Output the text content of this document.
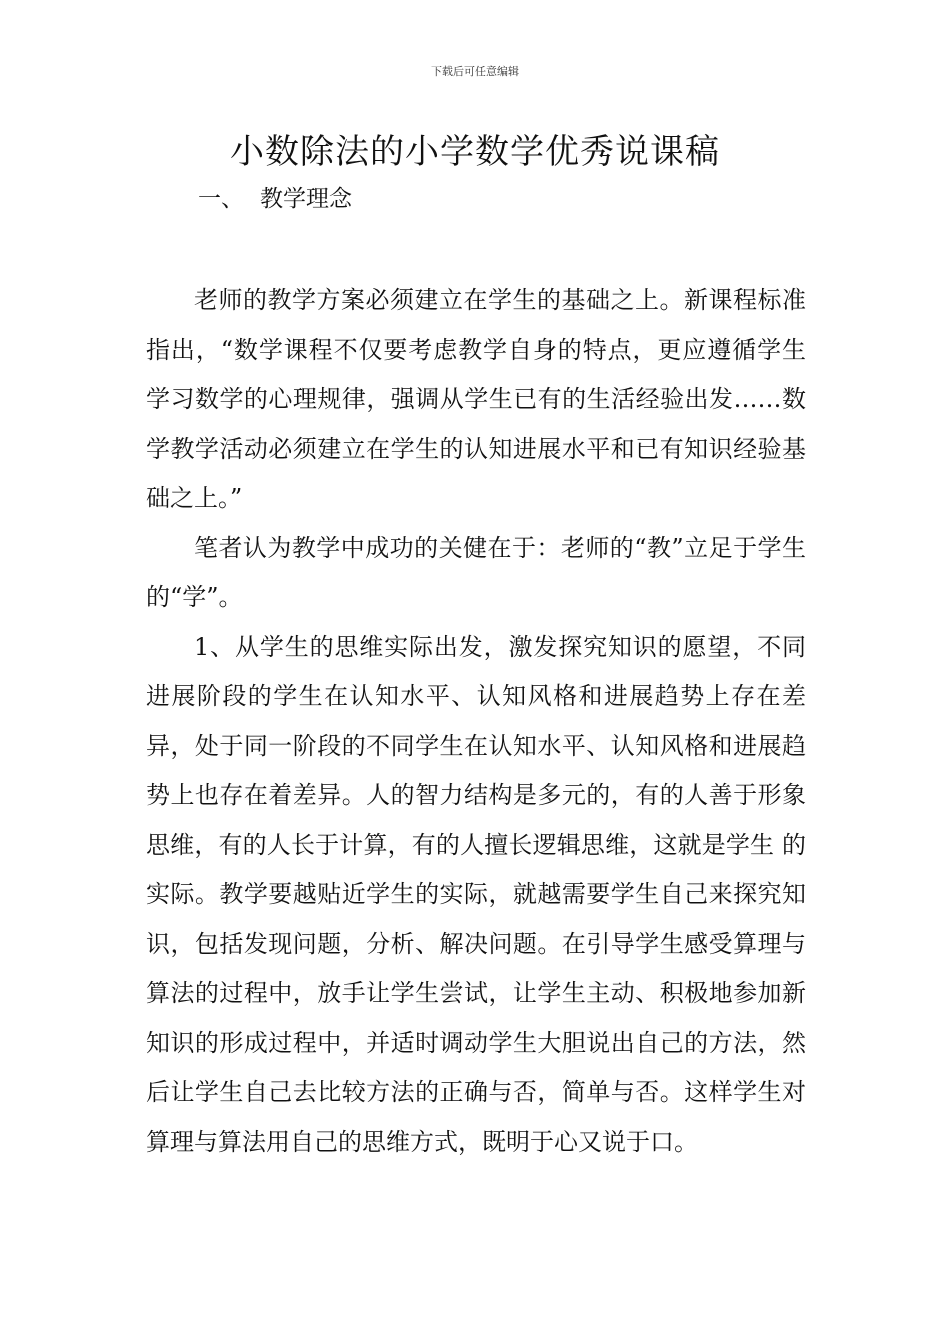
下载后可任意编辑
小数除法的小学数学优秀说课稿
一、 教学理念

老师的教学方案必须建立在学生的基础之上。新课程标准指出，“数学课程不仅要考虑教学自身的特点，更应遵循学生学习数学的心理规律，强调从学生已有的生活经验出发……数学教学活动必须建立在学生的认知进展水平和已有知识经验基础之上。”

笔者认为教学中成功的关健在于：老师的“教”立足于学生的“学”。

1、从学生的思维实际出发，激发探究知识的愿望，不同进展阶段的学生在认知水平、认知风格和进展趋势上存在差异，处于同一阶段的不同学生在认知水平、认知风格和进展趋势上也存在着差异。人的智力结构是多元的，有的人善于形象思维，有的人长于计算，有的人擅长逻辑思维，这就是学生 的实际。教学要越贴近学生的实际，就越需要学生自己来探究知识，包括发现问题，分析、解决问题。在引导学生感受算理与算法的过程中，放手让学生尝试，让学生主动、积极地参加新知识的形成过程中，并适时调动学生大胆说出自己的方法，然后让学生自己去比较方法的正确与否，简单与否。这样学生对算理与算法用自己的思维方式，既明于心又说于口。
